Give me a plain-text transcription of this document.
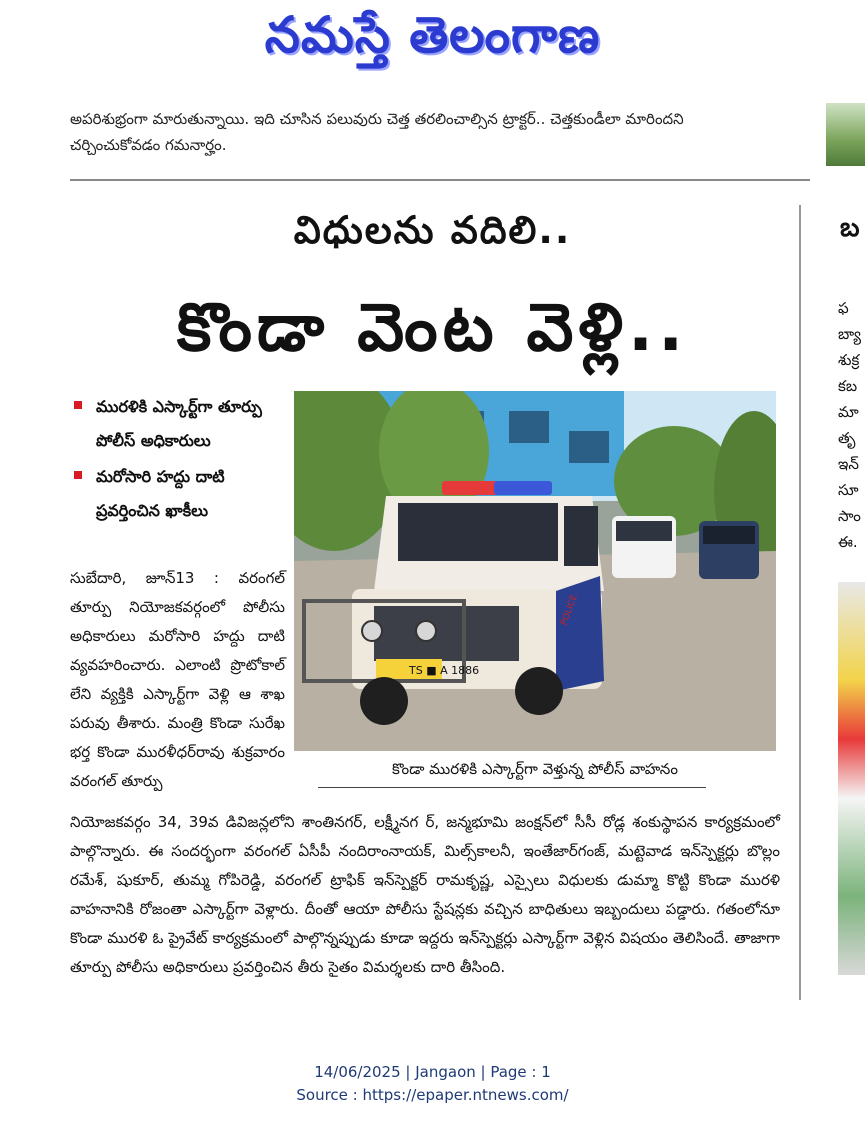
నమస్తే తెలంగాణ
అపరిశుభ్రంగా మారుతున్నాయి. ఇది చూసిన పలువురు చెత్త తరలించాల్సిన ట్రాక్టర్.. చెత్తకుండీలా మారిందని
చర్చించుకోవడం గమనార్హం.
విధులను వదిలి..
కొండా వెంట వెళ్లి..
మురళికి ఎస్కార్ట్‌గా తూర్పు పోలీస్ అధికారులు
మరోసారి హద్దు దాటి ప్రవర్తించిన ఖాకీలు
సుబేదారి, జూన్13 : వరంగల్ తూర్పు నియోజకవర్గంలో పోలీసు అధికారులు మరోసారి హద్దు దాటి వ్యవహరించారు. ఎలాంటి ప్రొటోకాల్ లేని వ్యక్తికి ఎస్కార్ట్‌గా వెళ్లి ఆ శాఖ పరువు తీశారు. మంత్రి కొండా సురేఖ భర్త కొండా మురళీధర్‌రావు శుక్రవారం వరంగల్ తూర్పు
TS ■ A 1886
POLICE
కొండా మురళికి ఎస్కార్ట్‌గా వెళ్తున్న పోలీస్ వాహనం
నియోజకవర్గం 34, 39వ డివిజన్లలోని శాంతినగర్, లక్ష్మీనగ ర్, జన్మభూమి జంక్షన్‌లో సీసీ రోడ్ల శంకుస్థాపన కార్యక్రమంలో పాల్గొన్నారు. ఈ సందర్భంగా వరంగల్ ఏసీపీ నందిరాంనాయక్, మిల్స్‌కాలనీ, ఇంతేజార్‌గంజ్, మట్టెవాడ ఇన్‌స్పెక్టర్లు బొల్లం రమేశ్, షుకూర్, తుమ్మ గోపిరెడ్డి, వరంగల్ ట్రాఫిక్ ఇన్‌స్పెక్టర్ రామకృష్ణ, ఎస్సైలు విధులకు డుమ్మా కొట్టి కొండా మురళి వాహనానికి రోజంతా ఎస్కార్ట్‌గా వెళ్లారు. దీంతో ఆయా పోలీసు స్టేషన్లకు వచ్చిన బాధితులు ఇబ్బందులు పడ్డారు. గతంలోనూ కొండా మురళి ఓ ప్రైవేట్ కార్యక్రమంలో పాల్గొన్నప్పుడు కూడా ఇద్దరు ఇన్‌స్పెక్టర్లు ఎస్కార్ట్‌గా వెళ్లిన విషయం తెలిసిందే. తాజాగా తూర్పు పోలీసు అధికారులు ప్రవర్తించిన తీరు సైతం విమర్శలకు దారి తీసింది.
బ
ఫ
బ్యా
శుక్ర
కబ
మా
తృ
ఇన్
సూ
సాం
ఈ.
14/06/2025 | Jangaon | Page : 1
Source : https://epaper.ntnews.com/
